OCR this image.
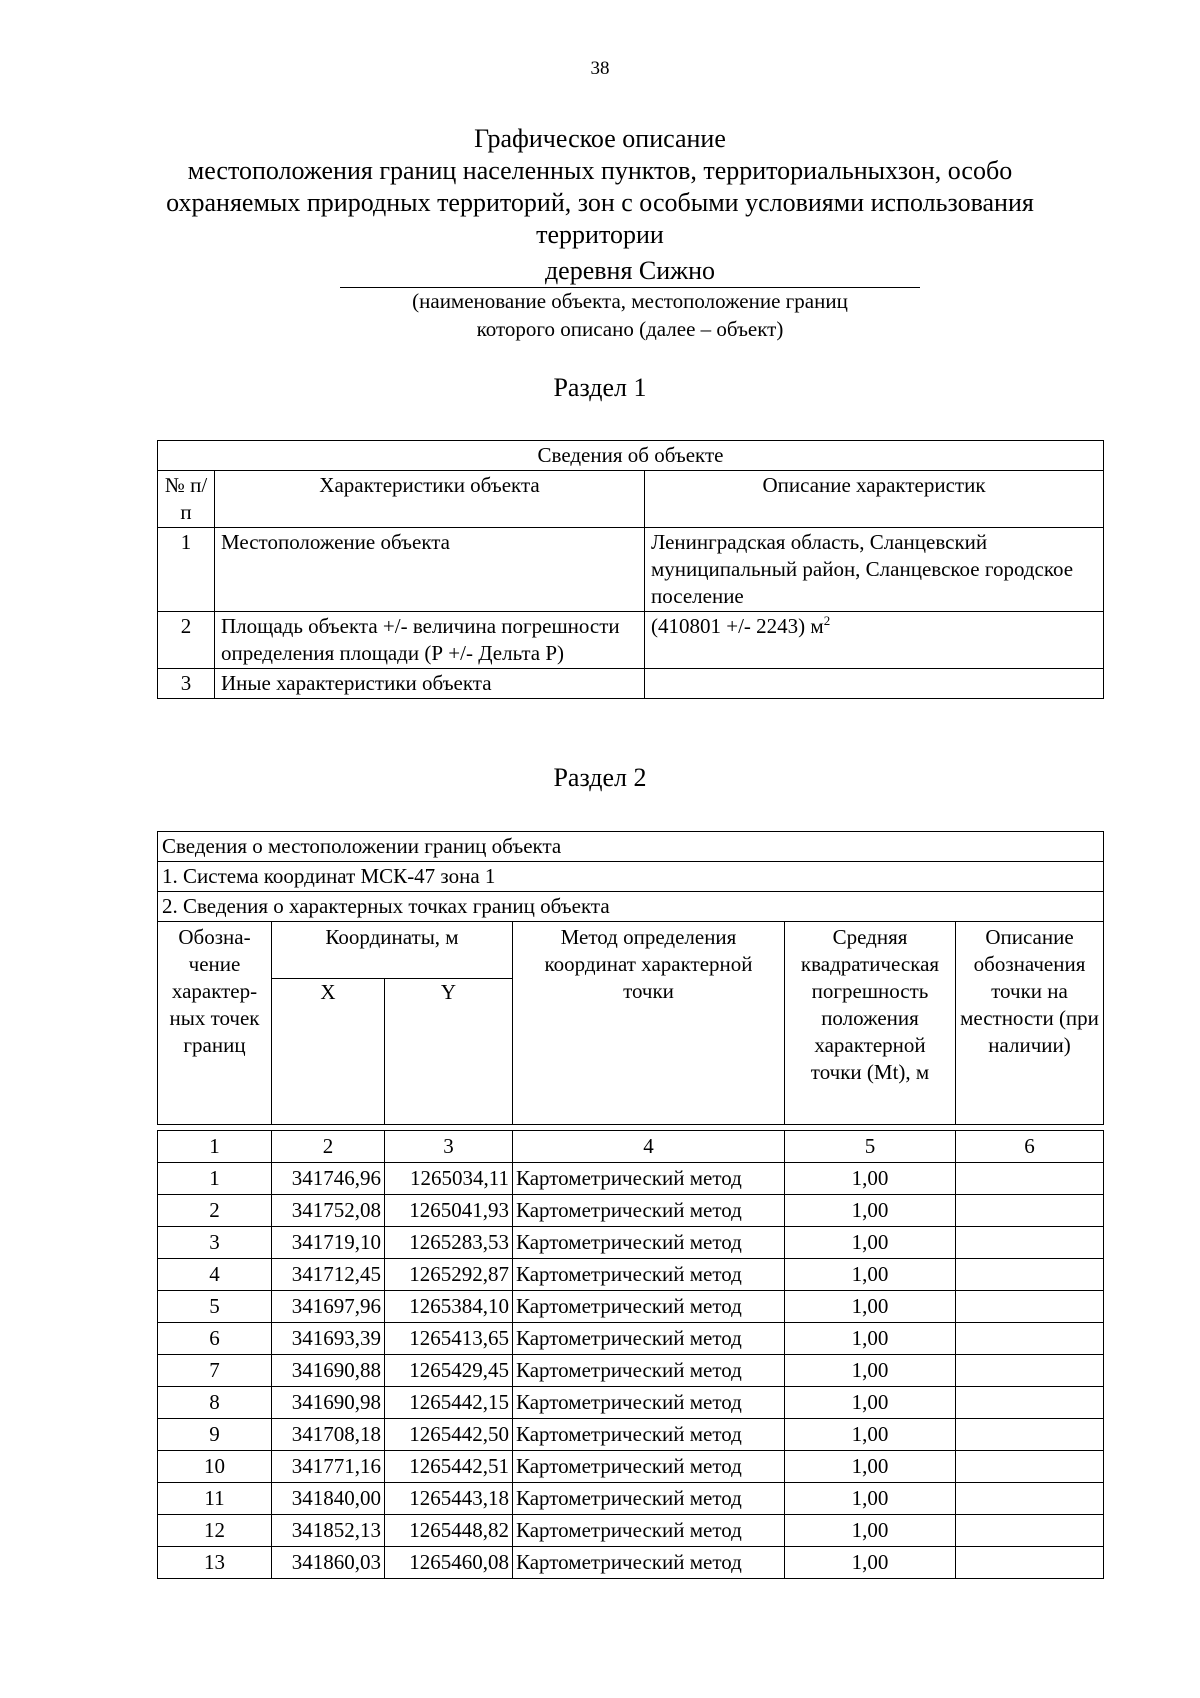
38
Графическое описание
местоположения границ населенных пунктов, территориальныхзон, особо
охраняемых природных территорий, зон с особыми условиями использования
территории
деревня Сижно
(наименование объекта, местоположение границ
которого описано (далее – объект)
Раздел 1
Сведения об объекте		
№ п/п	Характеристики объекта	Описание характеристик
1	Местоположение объекта	Ленинградская область, Сланцевский муниципальный район, Сланцевское городское поселение
2	Площадь объекта +/- величина погрешности определения площади (Р +/- Дельта Р)	(410801 +/- 2243) $м^2$
3	Иные характеристики объекта	
Раздел 2
Сведения о местоположении границ объекта					
1. Система координат МСК-47 зона 1					
2. Сведения о характерных точках границ объекта					
Обозна- чение характер- ных точек границ	Координаты, м		Метод определения координат характерной точки	Средняя квадратическая погрешность положения характерной точки (Mt), м	Описание обозначения точки на местности (при наличии)
	X	Y			
1	2	3	4	5	6
1	341746,96	1265034,11	Картометрический метод	1,00	
2	341752,08	1265041,93	Картометрический метод	1,00	
3	341719,10	1265283,53	Картометрический метод	1,00	
4	341712,45	1265292,87	Картометрический метод	1,00	
5	341697,96	1265384,10	Картометрический метод	1,00	
6	341693,39	1265413,65	Картометрический метод	1,00	
7	341690,88	1265429,45	Картометрический метод	1,00	
8	341690,98	1265442,15	Картометрический метод	1,00	
9	341708,18	1265442,50	Картометрический метод	1,00	
10	341771,16	1265442,51	Картометрический метод	1,00	
11	341840,00	1265443,18	Картометрический метод	1,00	
12	341852,13	1265448,82	Картометрический метод	1,00	
13	341860,03	1265460,08	Картометрический метод	1,00	
